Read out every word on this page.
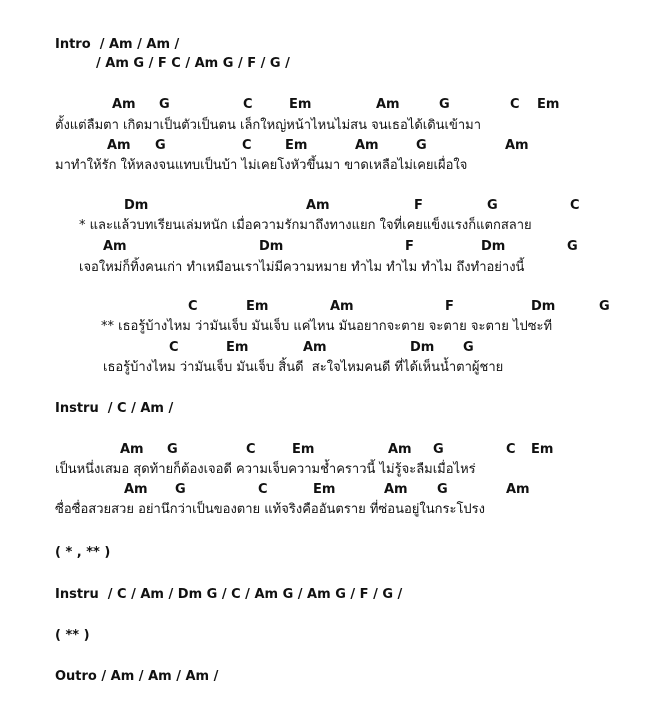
Intro  / Am / Am /
/ Am G / F C / Am G / F / G /
Am G	C	Em	Am	G	C Em
ตั้งแต่ลืมตา เกิดมาเป็นตัวเป็นตน เล็กใหญ่หน้าไหนไม่สน จนเธอได้เดินเข้ามา
Am G	C	Em	Am	G	Am
มาทำให้รัก ให้หลงจนแทบเป็นบ้า ไม่เคยโงหัวขึ้นมา ขาดเหลือไม่เคยเผื่อใจ
Dm	Am	F	G	C
* และแล้วบทเรียนเล่มหนัก เมื่อความรักมาถึงทางแยก ใจที่เคยแข็งแรงก็แตกสลาย
Am	Dm	F	Dm	G
เจอใหม่ก็ทิ้งคนเก่า ทำเหมือนเราไม่มีความหมาย ทำไม ทำไม ทำไม ถึงทำอย่างนี้
C	Em	Am	F	Dm	G
** เธอรู้บ้างไหม ว่ามันเจ็บ มันเจ็บ แค่ไหน มันอยากจะตาย จะตาย จะตาย ไปซะที
C	Em	Am	Dm G
เธอรู้บ้างไหม ว่ามันเจ็บ มันเจ็บ สิ้นดี  สะใจไหมคนดี ที่ได้เห็นน้ำตาผู้ชาย
Instru  / C / Am /
Am G	C	Em	Am G	C Em
เป็นหนึ่งเสมอ สุดท้ายก็ต้องเจอดี ความเจ็บความช้ำคราวนี้ ไม่รู้จะลืมเมื่อไหร่
Am G	C	Em	Am G	Am
ซื่อซื่อสวยสวย อย่านึกว่าเป็นของตาย แท้จริงคืออันตราย ที่ซ่อนอยู่ในกระโปรง
( * , ** )
Instru  / C / Am / Dm G / C / Am G / Am G / F / G /
( ** )
Outro / Am / Am / Am /
